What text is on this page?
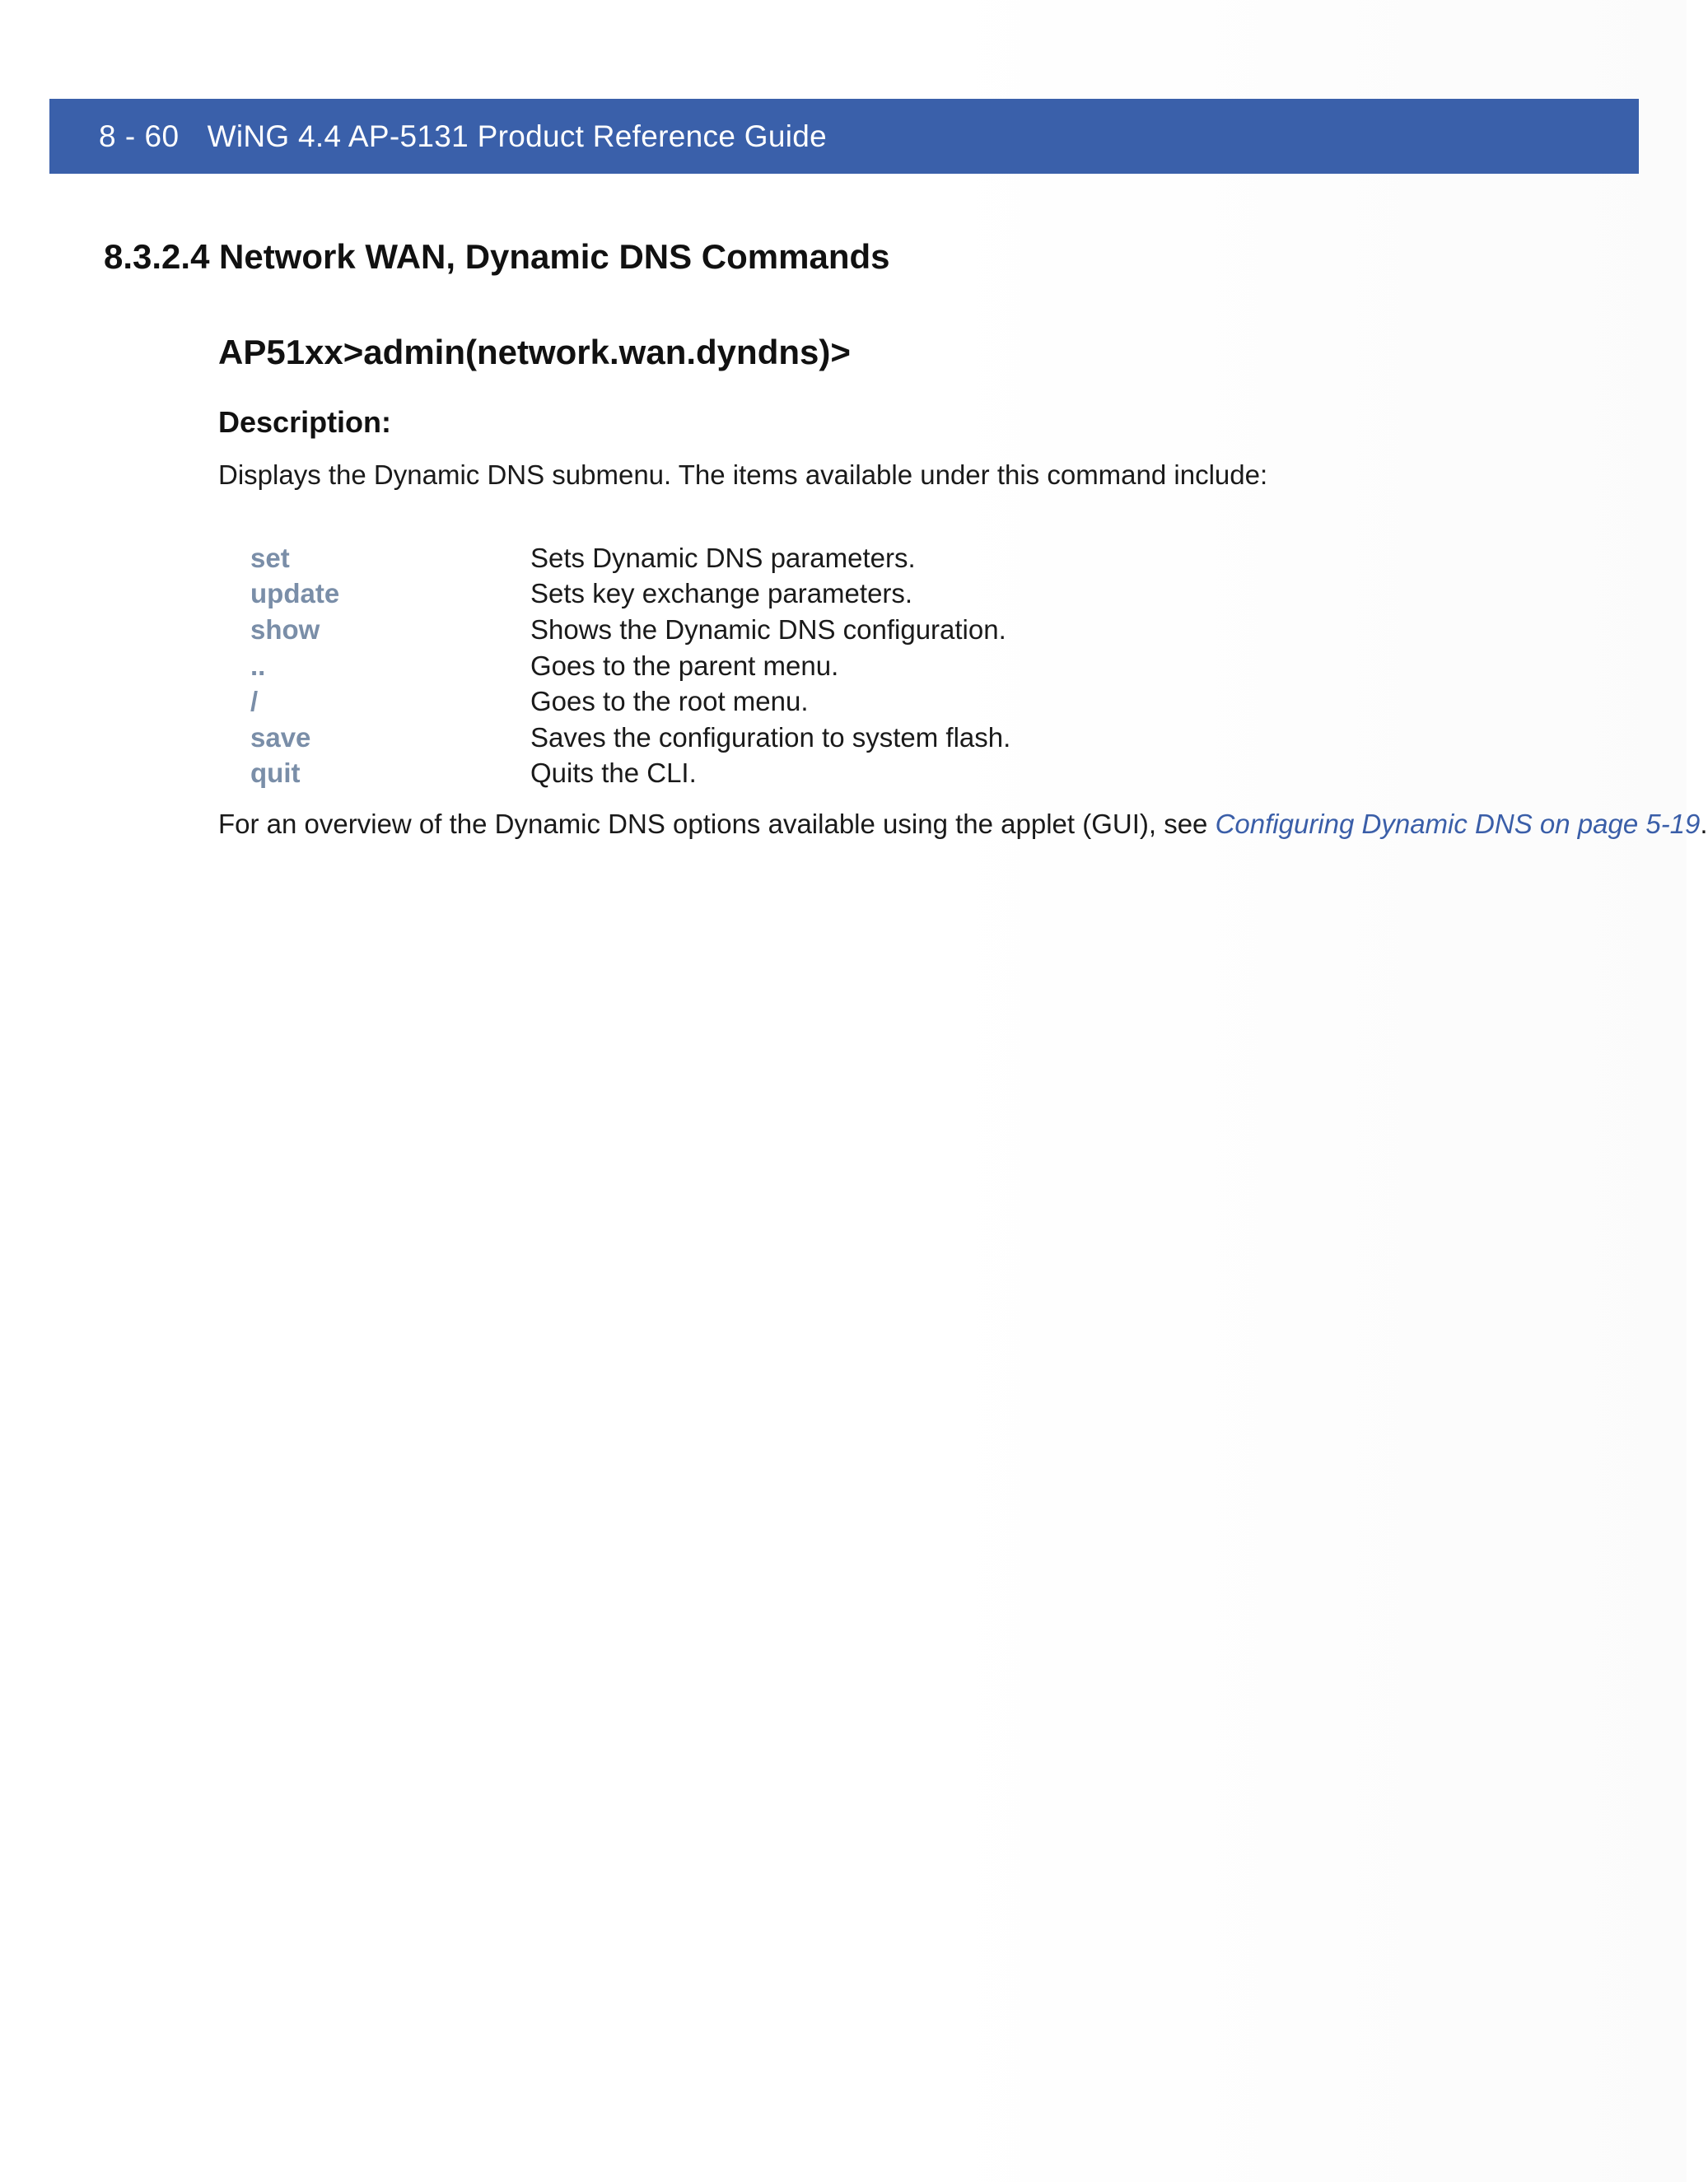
8 - 60 WiNG 4.4 AP-5131 Product Reference Guide
8.3.2.4 Network WAN, Dynamic DNS Commands
AP51xx>admin(network.wan.dyndns)>
Description:
Displays the Dynamic DNS submenu. The items available under this command include:
set	Sets Dynamic DNS parameters.
update	Sets key exchange parameters.
show	Shows the Dynamic DNS configuration.
..	Goes to the parent menu.
/	Goes to the root menu.
save	Saves the configuration to system flash.
quit	Quits the CLI.
For an overview of the Dynamic DNS options available using the applet (GUI), see Configuring Dynamic DNS on page 5-19.
